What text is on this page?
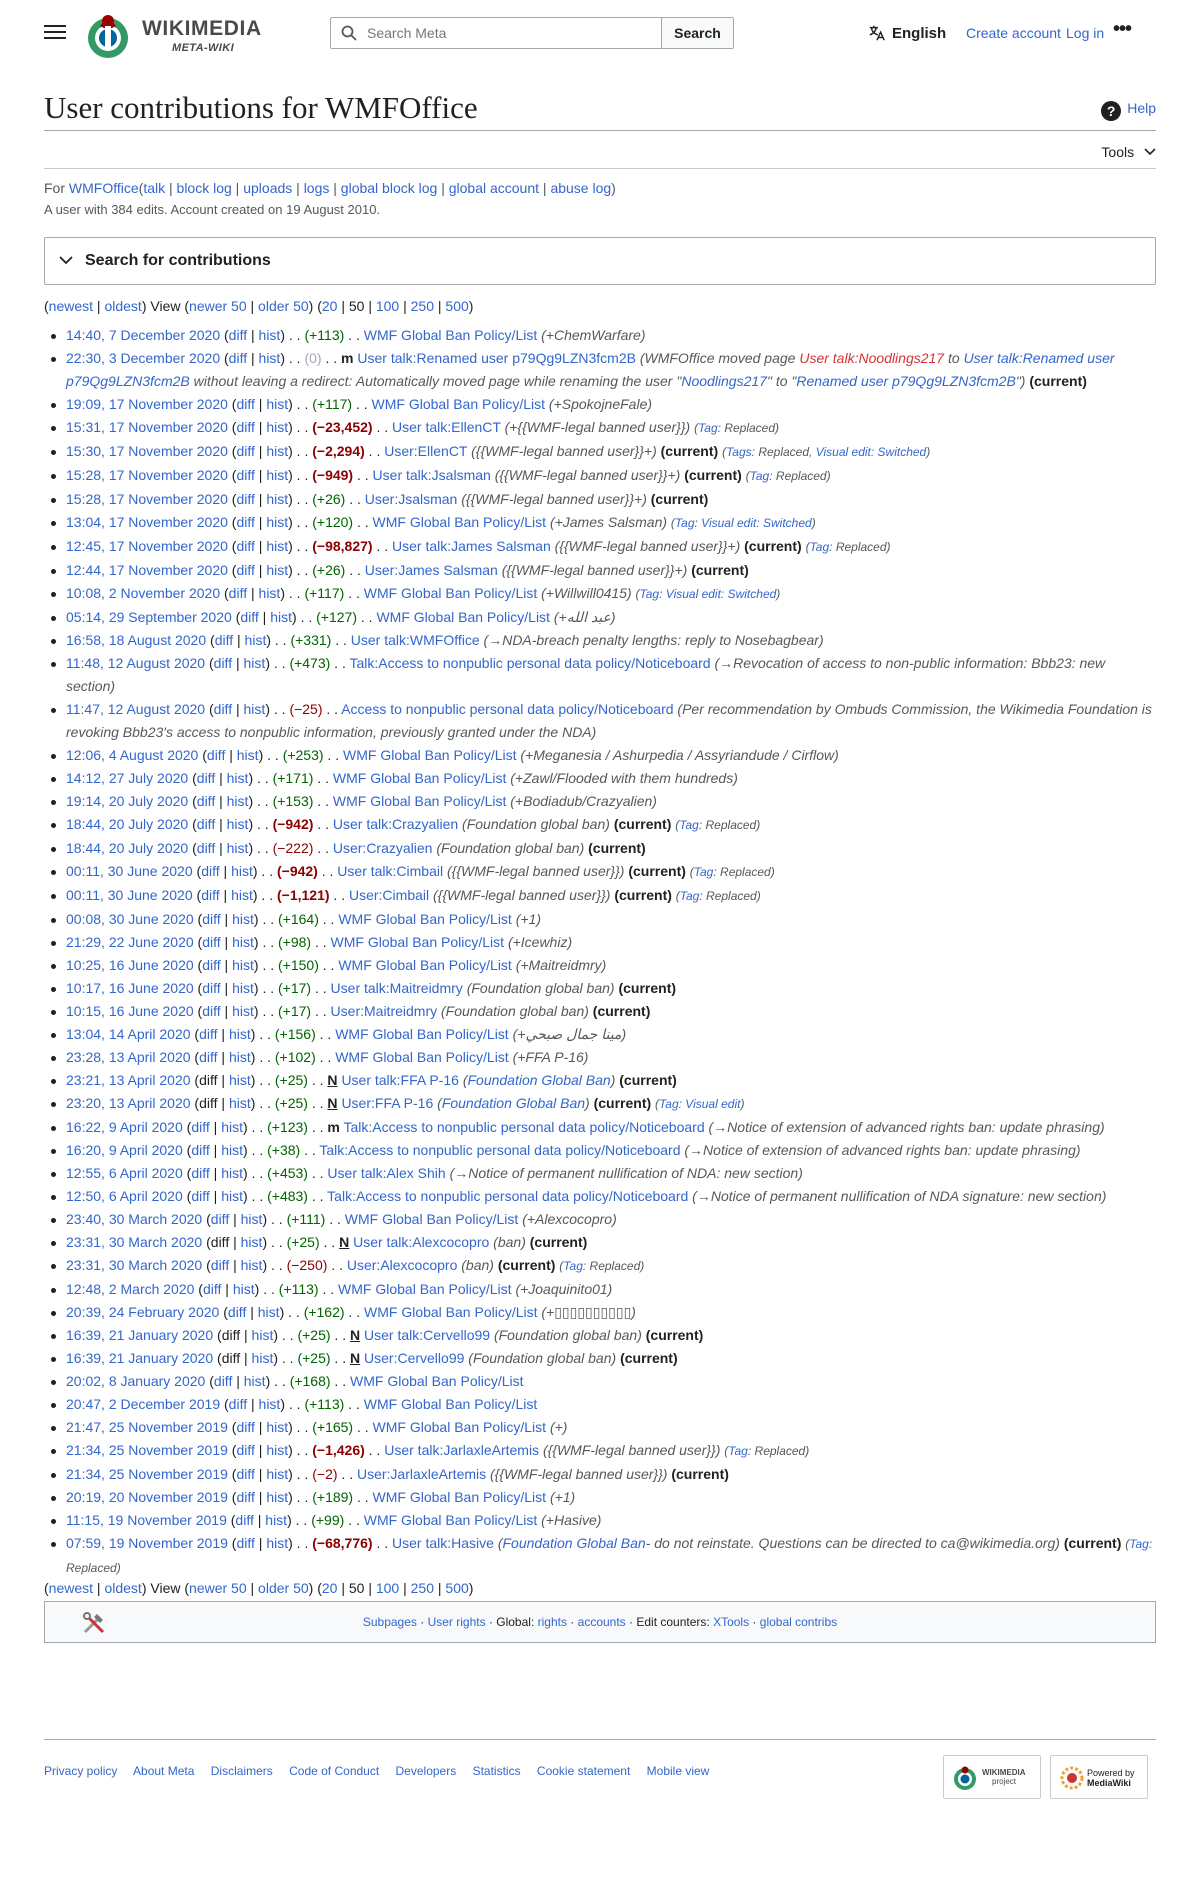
WIKIMEDIA
META-WIKI
Search Meta
Search	English Create account Log in •••
User contributions for WMFOffice	? Help
Tools
For WMFOffice(talk | block log | uploads | logs | global block log | global account | abuse log)
A user with 384 edits. Account created on 19 August 2010.
Search for contributions
(newest | oldest) View (newer 50 | older 50) (20 | 50 | 100 | 250 | 500)
14:40, 7 December 2020 (diff | hist) . . (+113) . . WMF Global Ban Policy/List (+ChemWarfare)
22:30, 3 December 2020 (diff | hist) . . (0) . . m User talk:Renamed user p79Qg9LZN3fcm2B (WMFOffice moved page User talk:Noodlings217 to User talk:Renamed user p79Qg9LZN3fcm2B without leaving a redirect: Automatically moved page while renaming the user "Noodlings217" to "Renamed user p79Qg9LZN3fcm2B") (current)
19:09, 17 November 2020 (diff | hist) . . (+117) . . WMF Global Ban Policy/List (+SpokojneFale)
15:31, 17 November 2020 (diff | hist) . . (−23,452) . . User talk:EllenCT (+{{WMF-legal banned user}}) (Tag: Replaced)
15:30, 17 November 2020 (diff | hist) . . (−2,294) . . User:EllenCT ({{WMF-legal banned user}}+) (current) (Tags: Replaced, Visual edit: Switched)
15:28, 17 November 2020 (diff | hist) . . (−949) . . User talk:Jsalsman ({{WMF-legal banned user}}+) (current) (Tag: Replaced)
15:28, 17 November 2020 (diff | hist) . . (+26) . . User:Jsalsman ({{WMF-legal banned user}}+) (current)
13:04, 17 November 2020 (diff | hist) . . (+120) . . WMF Global Ban Policy/List (+James Salsman) (Tag: Visual edit: Switched)
12:45, 17 November 2020 (diff | hist) . . (−98,827) . . User talk:James Salsman ({{WMF-legal banned user}}+) (current) (Tag: Replaced)
12:44, 17 November 2020 (diff | hist) . . (+26) . . User:James Salsman ({{WMF-legal banned user}}+) (current)
10:08, 2 November 2020 (diff | hist) . . (+117) . . WMF Global Ban Policy/List (+Willwill0415) (Tag: Visual edit: Switched)
05:14, 29 September 2020 (diff | hist) . . (+127) . . WMF Global Ban Policy/List (+عبد الله)
16:58, 18 August 2020 (diff | hist) . . (+331) . . User talk:WMFOffice (→NDA-breach penalty lengths: reply to Nosebagbear)
11:48, 12 August 2020 (diff | hist) . . (+473) . . Talk:Access to nonpublic personal data policy/Noticeboard (→Revocation of access to non-public information: Bbb23: new section)
11:47, 12 August 2020 (diff | hist) . . (−25) . . Access to nonpublic personal data policy/Noticeboard (Per recommendation by Ombuds Commission, the Wikimedia Foundation is revoking Bbb23's access to nonpublic information, previously granted under the NDA)
12:06, 4 August 2020 (diff | hist) . . (+253) . . WMF Global Ban Policy/List (+Meganesia / Ashurpedia / Assyriandude / Cirflow)
14:12, 27 July 2020 (diff | hist) . . (+171) . . WMF Global Ban Policy/List (+Zawl/Flooded with them hundreds)
19:14, 20 July 2020 (diff | hist) . . (+153) . . WMF Global Ban Policy/List (+Bodiadub/Crazyalien)
18:44, 20 July 2020 (diff | hist) . . (−942) . . User talk:Crazyalien (Foundation global ban) (current) (Tag: Replaced)
18:44, 20 July 2020 (diff | hist) . . (−222) . . User:Crazyalien (Foundation global ban) (current)
00:11, 30 June 2020 (diff | hist) . . (−942) . . User talk:Cimbail ({{WMF-legal banned user}}) (current) (Tag: Replaced)
00:11, 30 June 2020 (diff | hist) . . (−1,121) . . User:Cimbail ({{WMF-legal banned user}}) (current) (Tag: Replaced)
00:08, 30 June 2020 (diff | hist) . . (+164) . . WMF Global Ban Policy/List (+1)
21:29, 22 June 2020 (diff | hist) . . (+98) . . WMF Global Ban Policy/List (+Icewhiz)
10:25, 16 June 2020 (diff | hist) . . (+150) . . WMF Global Ban Policy/List (+Maitreidmry)
10:17, 16 June 2020 (diff | hist) . . (+17) . . User talk:Maitreidmry (Foundation global ban) (current)
10:15, 16 June 2020 (diff | hist) . . (+17) . . User:Maitreidmry (Foundation global ban) (current)
13:04, 14 April 2020 (diff | hist) . . (+156) . . WMF Global Ban Policy/List (+مينا جمال صبحي)
23:28, 13 April 2020 (diff | hist) . . (+102) . . WMF Global Ban Policy/List (+FFA P-16)
23:21, 13 April 2020 (diff | hist) . . (+25) . . N User talk:FFA P-16 (Foundation Global Ban) (current)
23:20, 13 April 2020 (diff | hist) . . (+25) . . N User:FFA P-16 (Foundation Global Ban) (current) (Tag: Visual edit)
16:22, 9 April 2020 (diff | hist) . . (+123) . . m Talk:Access to nonpublic personal data policy/Noticeboard (→Notice of extension of advanced rights ban: update phrasing)
16:20, 9 April 2020 (diff | hist) . . (+38) . . Talk:Access to nonpublic personal data policy/Noticeboard (→Notice of extension of advanced rights ban: update phrasing)
12:55, 6 April 2020 (diff | hist) . . (+453) . . User talk:Alex Shih (→Notice of permanent nullification of NDA: new section)
12:50, 6 April 2020 (diff | hist) . . (+483) . . Talk:Access to nonpublic personal data policy/Noticeboard (→Notice of permanent nullification of NDA signature: new section)
23:40, 30 March 2020 (diff | hist) . . (+111) . . WMF Global Ban Policy/List (+Alexcocopro)
23:31, 30 March 2020 (diff | hist) . . (+25) . . N User talk:Alexcocopro (ban) (current)
23:31, 30 March 2020 (diff | hist) . . (−250) . . User:Alexcocopro (ban) (current) (Tag: Replaced)
12:48, 2 March 2020 (diff | hist) . . (+113) . . WMF Global Ban Policy/List (+Joaquinito01)
20:39, 24 February 2020 (diff | hist) . . (+162) . . WMF Global Ban Policy/List (+▯▯▯▯▯▯▯▯▯▯)
16:39, 21 January 2020 (diff | hist) . . (+25) . . N User talk:Cervello99 (Foundation global ban) (current)
16:39, 21 January 2020 (diff | hist) . . (+25) . . N User:Cervello99 (Foundation global ban) (current)
20:02, 8 January 2020 (diff | hist) . . (+168) . . WMF Global Ban Policy/List
20:47, 2 December 2019 (diff | hist) . . (+113) . . WMF Global Ban Policy/List
21:47, 25 November 2019 (diff | hist) . . (+165) . . WMF Global Ban Policy/List (+)
21:34, 25 November 2019 (diff | hist) . . (−1,426) . . User talk:JarlaxleArtemis ({{WMF-legal banned user}}) (Tag: Replaced)
21:34, 25 November 2019 (diff | hist) . . (−2) . . User:JarlaxleArtemis ({{WMF-legal banned user}}) (current)
20:19, 20 November 2019 (diff | hist) . . (+189) . . WMF Global Ban Policy/List (+1)
11:15, 19 November 2019 (diff | hist) . . (+99) . . WMF Global Ban Policy/List (+Hasive)
07:59, 19 November 2019 (diff | hist) . . (−68,776) . . User talk:Hasive (Foundation Global Ban- do not reinstate. Questions can be directed to ca@wikimedia.org) (current) (Tag: Replaced)
(newest | oldest) View (newer 50 | older 50) (20 | 50 | 100 | 250 | 500)
Subpages · User rights · Global: rights · accounts · Edit counters: XTools · global contribs
Privacy policy About Meta Disclaimers Code of Conduct Developers Statistics Cookie statement Mobile view	WIKIMEDIA
project
Powered by
MediaWiki
